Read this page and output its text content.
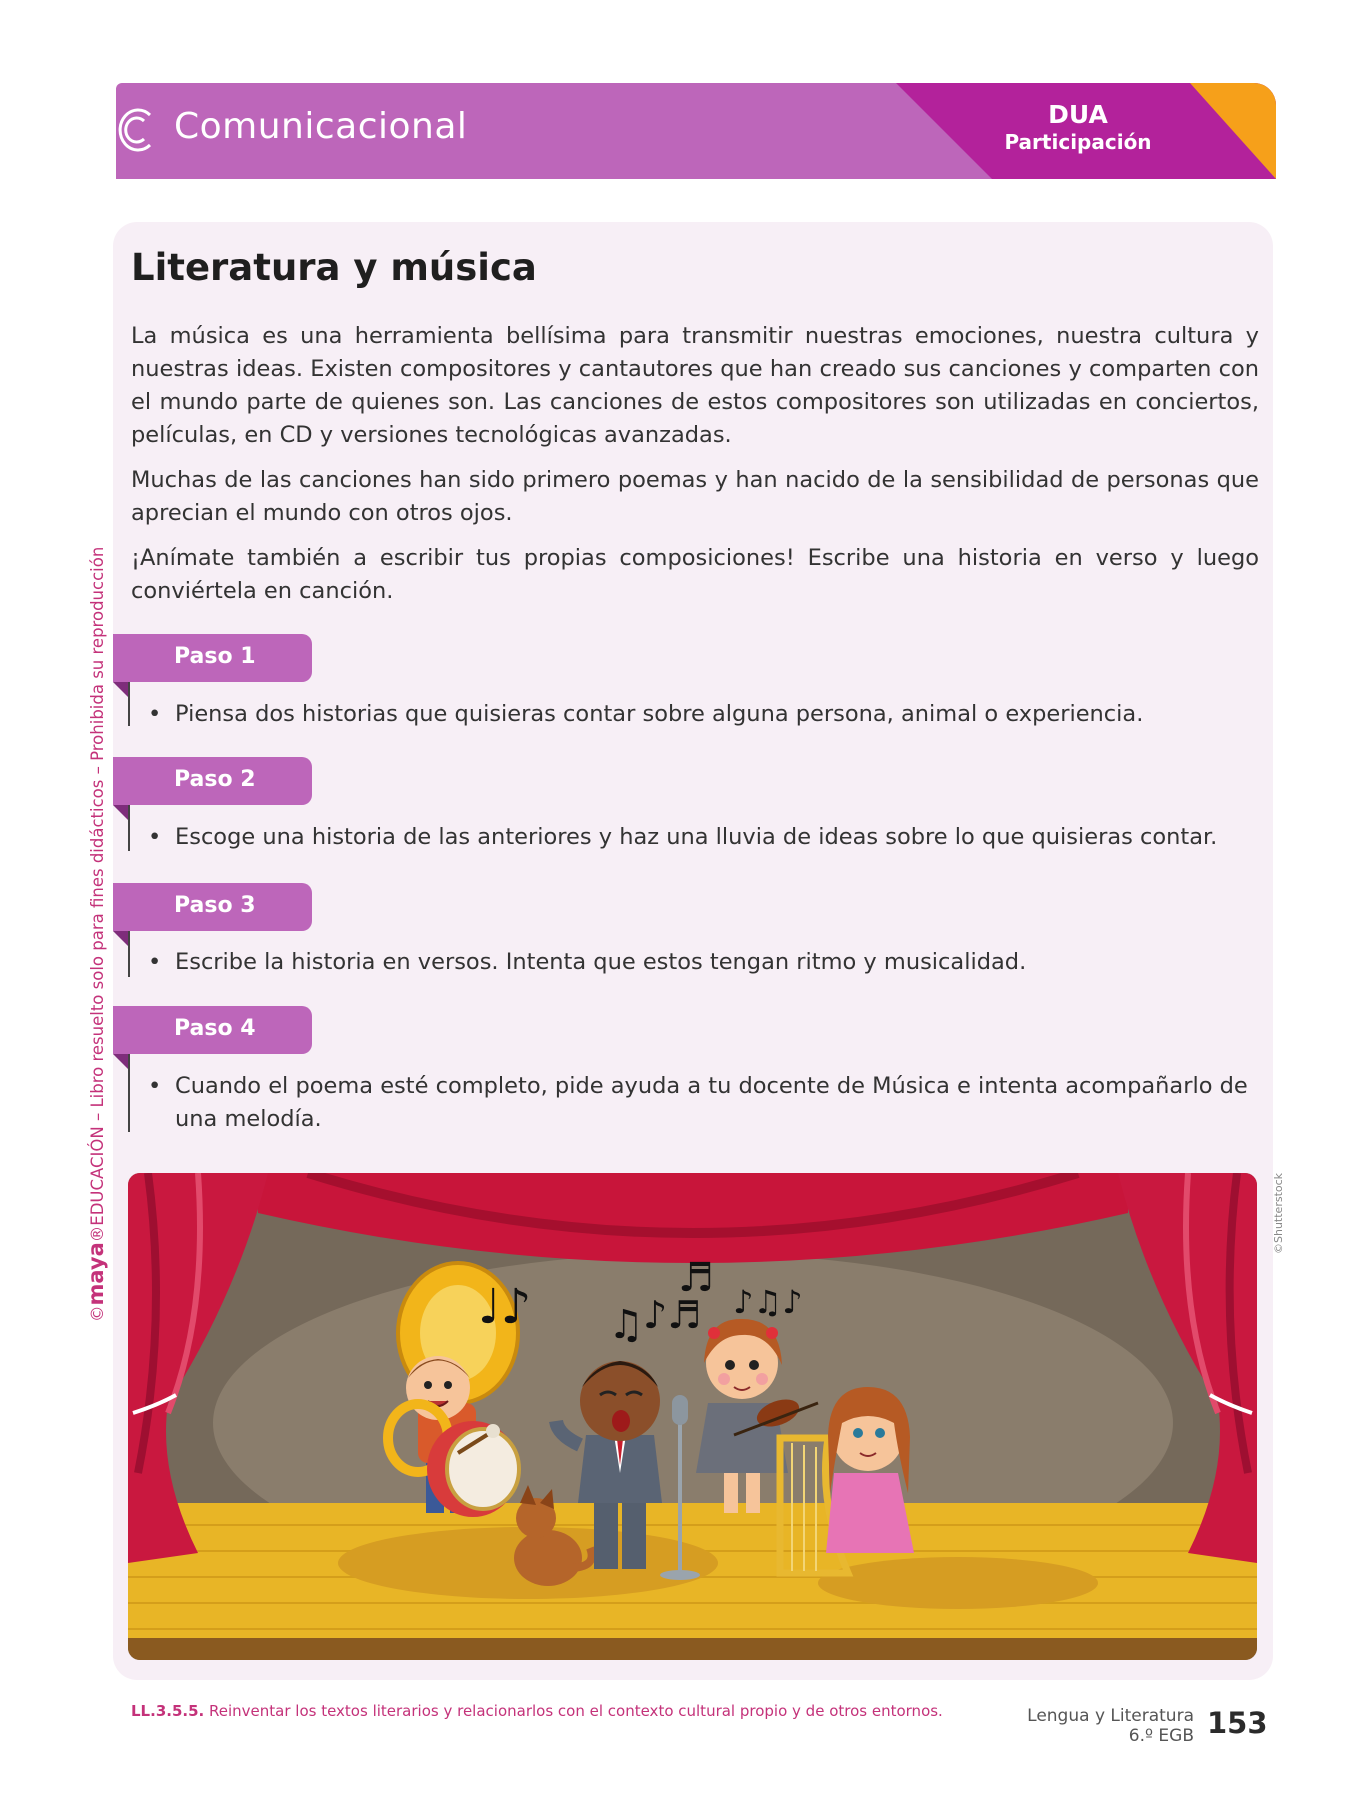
Comunicacional	DUA
Participación
©maya®EDUCACIÓN – Libro resuelto solo para fines didácticos – Prohibida su reproducción
Literatura y música

La música es una herramienta bellísima para transmitir nuestras emociones, nuestra cultura y nuestras ideas. Existen compositores y cantautores que han creado sus canciones y comparten con el mundo parte de quienes son. Las canciones de estos compositores son utilizadas en conciertos, películas, en CD y versiones tecnológicas avanzadas.

Muchas de las canciones han sido primero poemas y han nacido de la sensibilidad de personas que aprecian el mundo con otros ojos.

¡Anímate también a escribir tus propias composiciones! Escribe una historia en verso y luego conviértela en canción.

Paso 1

• Piensa dos historias que quisieras contar sobre alguna persona, animal o experiencia.

Paso 2

• Escoge una historia de las anteriores y haz una lluvia de ideas sobre lo que quisieras contar.

Paso 3

• Escribe la historia en versos. Intenta que estos tengan ritmo y musicalidad.

Paso 4

• Cuando el poema esté completo, pide ayuda a tu docente de Música e intenta acompañarlo de una melodía.

♩♪ ♫ ♪♬
♬
♪♫♪
©Shutterstock
LL.3.5.5. Reinventar los textos literarios y relacionarlos con el contexto cultural propio y de otros entornos.	Lengua y Literatura
6.º EGB 153
